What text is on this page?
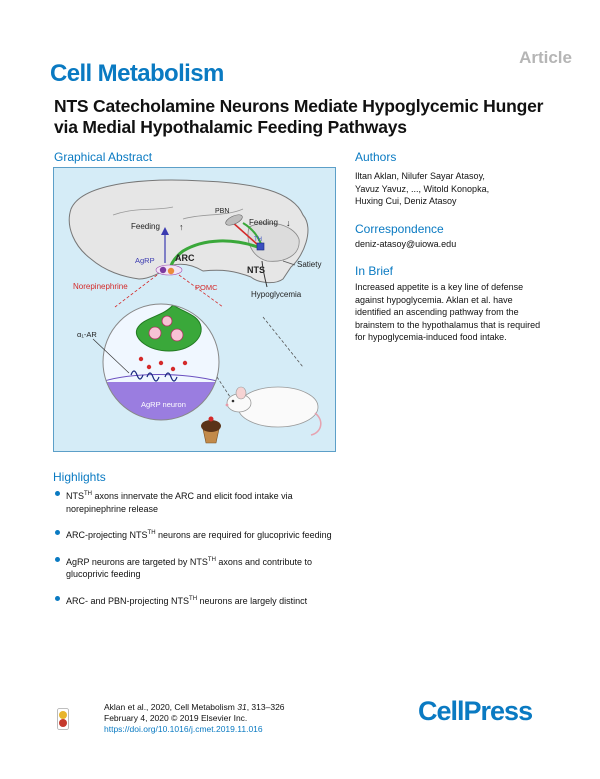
Article
Cell Metabolism
NTS Catecholamine Neurons Mediate Hypoglycemic Hunger via Medial Hypothalamic Feeding Pathways
Graphical Abstract	Authors
Feeding ↑
PBN
Feeding ↓
ARC
AgRP
TH
NTS
Satiety
Norepinephrine	POMC
Hypoglycemia
α₁-AR
AgRP neuron

Iltan Aklan, Nilufer Sayar Atasoy,

Yavuz Yavuz, ..., Witold Konopka,

Huxing Cui, Deniz Atasoy

Correspondence
deniz-atasoy@uiowa.edu
In Brief
Increased appetite is a key line of defense against hypoglycemia. Aklan et al. have identified an ascending pathway from the brainstem to the hypothalamus that is required for hypoglycemia-induced food intake.
Highlights
$NTS^{TH}$ axons innervate the ARC and elicit food intake via norepinephrine release
ARC-projecting $NTS^{TH}$ neurons are required for glucoprivic feeding
AgRP neurons are targeted by $NTS^{TH}$ axons and contribute to glucoprivic feeding
ARC- and PBN-projecting $NTS^{TH}$ neurons are largely distinct
Aklan et al., 2020, Cell Metabolism 31, 313–326
February 4, 2020 © 2019 Elsevier Inc.
https://doi.org/10.1016/j.cmet.2019.11.016
CellPress
